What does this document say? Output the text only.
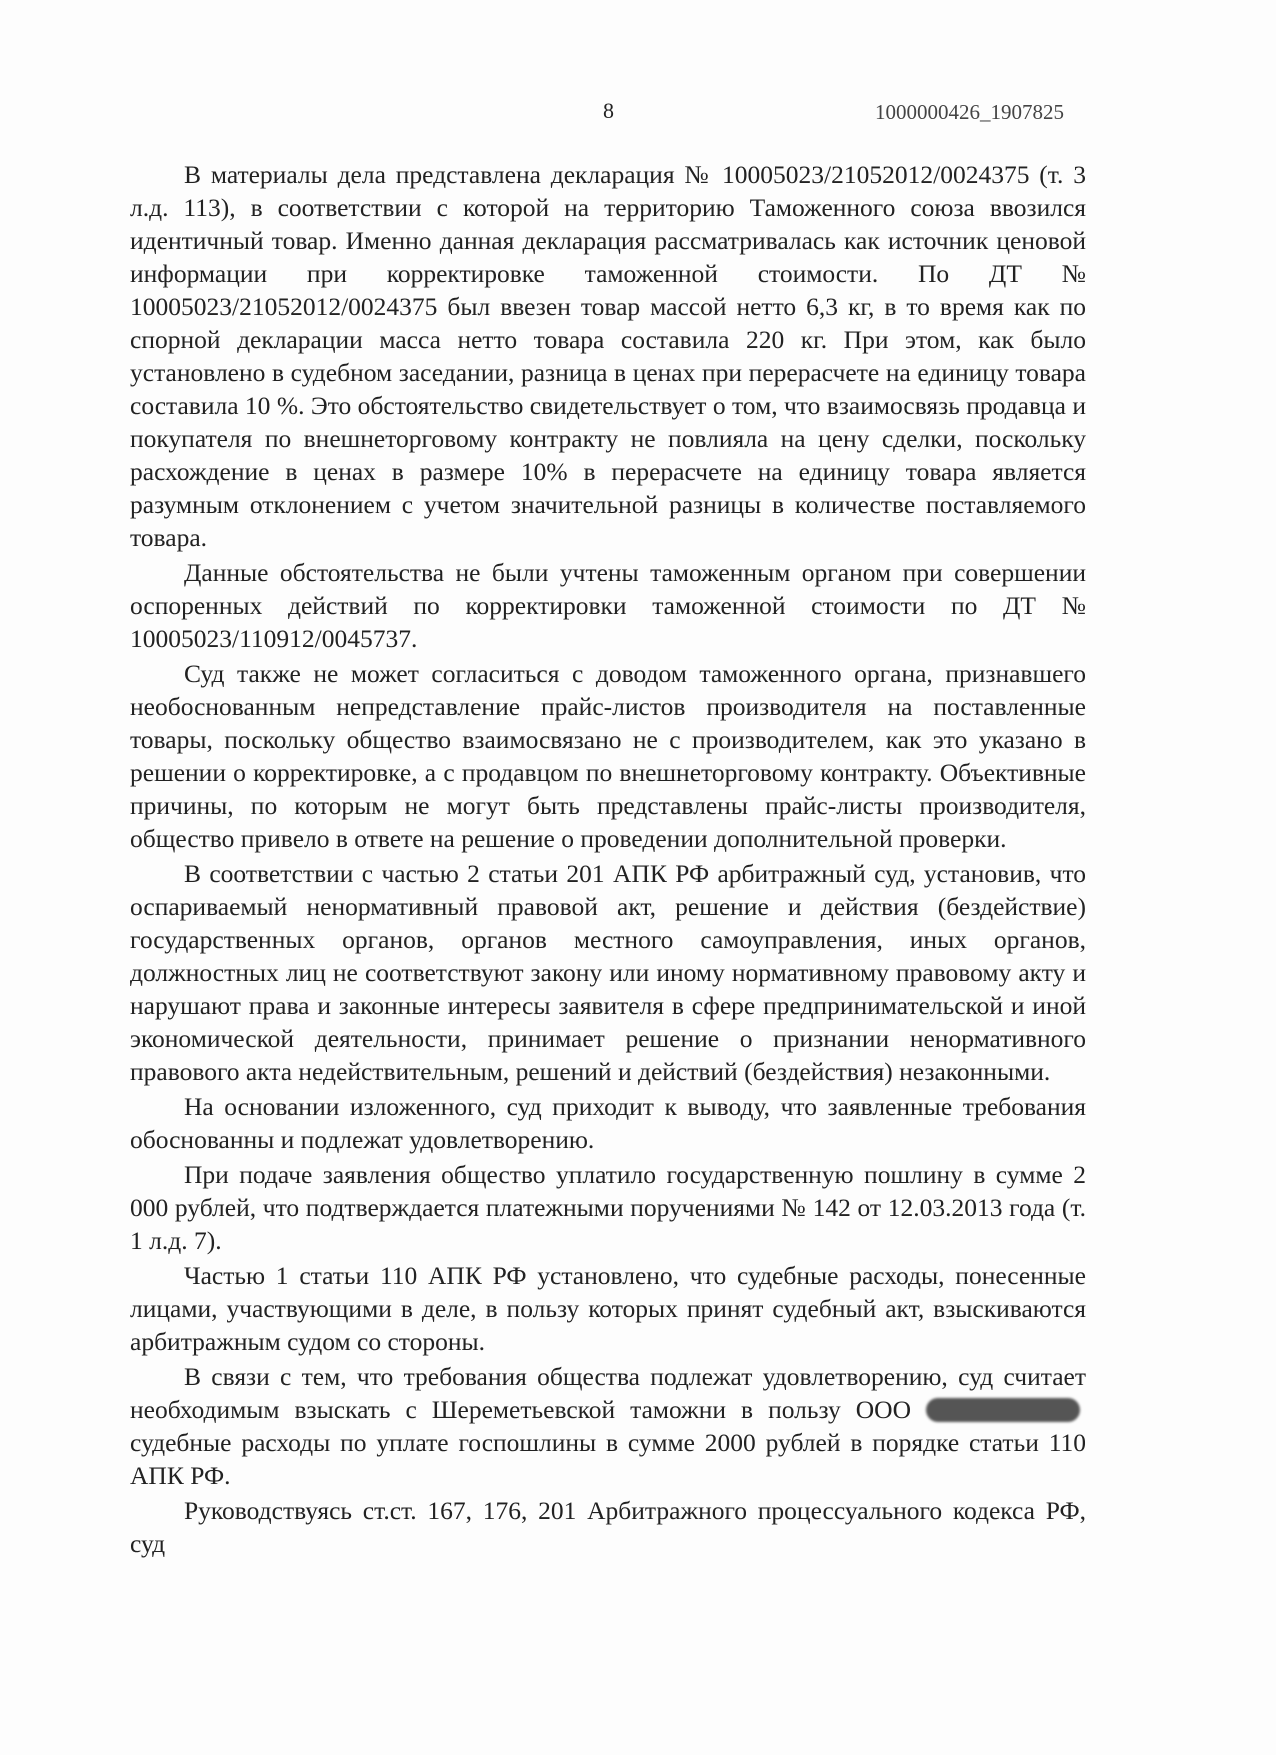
8	1000000426_1907825

В материалы дела представлена декларация № 10005023/21052012/0024375 (т. 3 л.д. 113), в соответствии с которой на территорию Таможенного союза ввозился идентичный товар. Именно данная декларация рассматривалась как источник ценовой информации при корректировке таможенной стоимости. По ДТ № 10005023/21052012/0024375 был ввезен товар массой нетто 6,3 кг, в то время как по спорной декларации масса нетто товара составила 220 кг. При этом, как было установлено в судебном заседании, разница в ценах при перерасчете на единицу товара составила 10 %. Это обстоятельство свидетельствует о том, что взаимосвязь продавца и покупателя по внешнеторговому контракту не повлияла на цену сделки, поскольку расхождение в ценах в размере 10% в перерасчете на единицу товара является разумным отклонением с учетом значительной разницы в количестве поставляемого товара.

Данные обстоятельства не были учтены таможенным органом при совершении оспоренных действий по корректировки таможенной стоимости по ДТ № 10005023/110912/0045737.

Суд также не может согласиться с доводом таможенного органа, признавшего необоснованным непредставление прайс-листов производителя на поставленные товары, поскольку общество взаимосвязано не с производителем, как это указано в решении о корректировке, а с продавцом по внешнеторговому контракту. Объективные причины, по которым не могут быть представлены прайс-листы производителя, общество привело в ответе на решение о проведении дополнительной проверки.

В соответствии с частью 2 статьи 201 АПК РФ арбитражный суд, установив, что оспариваемый ненормативный правовой акт, решение и действия (бездействие) государственных органов, органов местного самоуправления, иных органов, должностных лиц не соответствуют закону или иному нормативному правовому акту и нарушают права и законные интересы заявителя в сфере предпринимательской и иной экономической деятельности, принимает решение о признании ненормативного правового акта недействительным, решений и действий (бездействия) незаконными.

На основании изложенного, суд приходит к выводу, что заявленные требования обоснованны и подлежат удовлетворению.

При подаче заявления общество уплатило государственную пошлину в сумме 2 000 рублей, что подтверждается платежными поручениями № 142 от 12.03.2013 года (т. 1 л.д. 7).

Частью 1 статьи 110 АПК РФ установлено, что судебные расходы, понесенные лицами, участвующими в деле, в пользу которых принят судебный акт, взыскиваются арбитражным судом со стороны.

В связи с тем, что требования общества подлежат удовлетворению, суд считает необходимым взыскать с Шереметьевской таможни в пользу ООО судебные расходы по уплате госпошлины в сумме 2000 рублей в порядке статьи 110 АПК РФ.

Руководствуясь ст.ст. 167, 176, 201 Арбитражного процессуального кодекса РФ, суд
